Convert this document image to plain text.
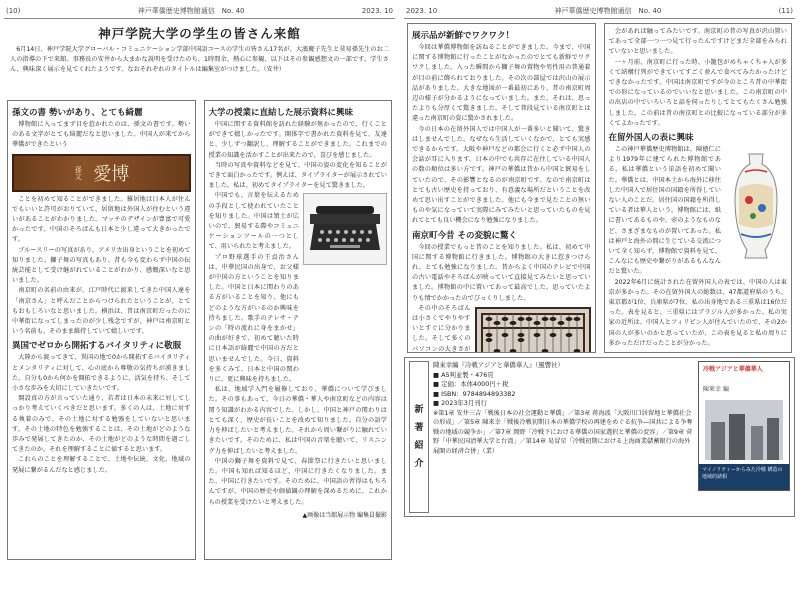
(10)	神戸華僑歴史博物館通信　No. 40	2023. 10
神戸学院大学の学生の皆さん来館

6月14日、神戸学院大学グローバル・コミュニケーション学部中国語コースの学生の皆さん17名が、大濱慶子先生と莫易孫先生のお二人の指導の下で来館。事務長の安井から大まかな説明を受けたのち、1時間余、熱心に参観、以下はその参観感想文の一部です。学生さん、興味深く展示を見てくれたようです。なおそれぞれのタイトルは編集室がつけました。（安井）

孫文の書 勢いがあり、とても綺麗

博物館に入ってまず目を惹かれたのは、孫文の書です。勢いのある文字がとても綺麗だなと思いました。中国人が来てから華僑ができたという

孫文 愛博

ことを初めて知ることができました。雑居地は日本人が住んでもいいと許可がおりていて、居留地は外国人が住むという違いがあることがわかりました。マッチのデザインが豊富で可愛かったです。中国のそろばんも日本と少し違って大きかったです。

ブルースリーの写真があり、アメリカ出身ということを初めて知りました。獅子舞の写真もあり、昔も今も変わらず中国の伝統芸能として受け継がれていることがわかり、感慨深いなと思いました。

南京町の名前の由来が、江戸時代に渡来してきた中国人達を「南京さん」と呼んだことからつけられたということが、とてもおもしろいなと思いました。横浜は、昔は南京町だったのに中華街になってしまったのが少し残念ですが、神戸は南京町という名前も、そのまま維持していて嬉しいです。

異国でゼロから開拓するバイタリティに敬服

大陸から渡ってきて、異国の地で0から開拓するバイタリティとメンタリティに対して、心の底から尊敬の気持ちが湧きました。自分も0から何かを開拓できるように、活気を持ち、そして小さな歩みを大切にしていきたいです。

開設真の方が言っていた通り、若者は日本の未来に対してしっかり考えていくべきだと思います。多くの人は、土地に対する執着のみで、その土地に対する勉強をしていないと思います。その土地の特色を勉強することは、その土地がどのような歩みで発展してきたのか、その土地がどのような時間を過ごしてきたのか、それを理解することに値すると思います。

これらのことを理解することで、土地や伝統、文化、地域の発展に繋がるんだなと感じました。

大学の授業に直結した展示資料に興味

中国に関する資料館を訪れた経験が無かったので、行くことができて嬉しかったです。開体字で書かれた資料を見て、友達と、少しずつ翻訳し、理解することができました。これまでの授業の知識を活かすことが出来たので、喜びを感じました。

当時の写真や資料などを見て、中国の姿の変化を知ることができて面白かったです。例えば、タイプライターが展示されていました。私は、初めてタイプライターを見て驚きました。

中国でも、言葉を伝えるための手段として使われていたことを知りました。中国は領土が広いので、貿易する際やコミュニケーションツールの一つとして、用いられたと考えました。

プロ野球選手の王貞治さんは、中華民国の出身で、お父様が中国の方ということを知りました。中国と日本に関わりのある方がいることを知り、他にもどのような方がいるのか興味を持ちました。歌手のテレサ・テンの「時の流れに身をまかせ」の曲が好きで、初めて聴いた時に日本語が綺麗で中国の方だと思いませんでした。今日、資料を多くみて、日本と中国の関わりに、更に興味を持ちました。

私は、地域学入門を履修しており、華僑について学びました。その事もあって、今日の華僑・華人や南京町などの内容は関う知識がわかる内容でした。しかし、中国と神戸の関わりはとても深く、歴史が長いことを改めて知りました。自分の語学力を伸ばしたいと考えました。それから周い繋がりに触れていきたいです。そのために、私は中国の音楽を聴いて、リスニング力を伸ばしたいと考えました。

中国の獅子舞を資料で見て、春節祭に行きたいと思いました。中国も知れば知るほど、中国に行きたくなりました。また、中国に行きたいです。そのために、中国語の習得はもちろんですが、中国の歴史や価値観の理解を深めるために、これからの授業を受けたいと考えました。

▲画像は当館展示物 編集員撮影
2023. 10	神戸華僑歴史博物館通信　No. 40	(11)
展示品が新鮮でワクワク！

今回は華僑博物館を訪ねることができました。今まで、中国に関する博物館に行ったことがなかったのでとても新鮮でワクワクしました。入った瞬間から獅子舞の置物や男性用の普通着が目の前に飾られておりました。その次の部屋では沢山の展示品がありました。大きな地図が一番最初にあり、昔の南京町周辺の様子が分かるようになっていました。また、それは、思ったよりも分厚くて驚きました。そして普段見ている南京町とは違った南京町の姿に驚かされました。

今の日本の在留外国人では中国人が一番多いと聞いて、驚きはしませんでした。なぜなら生活していくなかで、とても実感できるからです。大阪や神戸などの都会に行くと必ず中国人の会話が耳に入ります。日本の中でも共存に在住している中国人の数の順位は多い方です。神戸の華僑は昔から中国と貿易をしていたので、その影響となるのが南京町です。なので南京町はとても古い歴史を持っており、有意義な場所だということを改めて思い出すことができました。他にも今まで見たことの無いものや気になっていて実際にみてみたいと思っていたものを見れてとても良い機会になり勉強になりました。

南京町今昔 その変貌に驚く

今回の授業でもっと昔のことを知りました。私は、初めて中国に関する博物館に行きました。博物館の大きに惹きつけられ、とても勉強になりました。昔からよく中国のテレビで中国の古い電話やそろばんが映っていて直接見てみたいと思っていました。博物館の中に置いてあって最高でした。思っていたよりも情でかかったのでびっくりしました。

その中のそろばんは小さくてやりやすいとすぐに分かりました。そして多くのパソコンの大きさが

会があれば触ってみたいです。南京町の昔の写真が沢山置いてあって全部一つ一つ見て行ったんですけどまだ全部をみられていないと思いました。

一ヶ月前、南京町に行った時、小籠包がめちゃくちゃ人が多くて結構行列ができていてすごく並んで食べてみたかったけどできなかったです。中国は南京町ですが今のところ昔の中華街での形になっているのでいいなと思いました。この南京町の中の出店の中でいろいろと話を伺ったりしてとてもたくさん勉強しました。この前は昔の南京町との比較になっている部分が多くてよかったです。

在留外国人の表に興味

この神戸華僑歴史博物館は、陳徳仁により1979年に建てられた博物館である。私は華僑という単語を初めて聞いた。華僑とは、中国本土から海外に移住した中国人で居住国の国籍を所得していない人のことだ。居住国の国籍を所得している者は華人という。博物館には、紙に書いてあるものや、壺のようなものなど、さまざまなものが置いてあった。私は神戸と海外の間に生じている交流について全く知らず、博物館で資料を見て、こんなにも歴史や繋がりがあるもんなんだと驚いた。

2022年6月に統計された在留外国人の表では、中国の人は東京が多かった。その在留外国人の総数は、47都道府県のうち、東京都が1位、兵庫県が7位、私の出身地である三重県は16位だった。表を見ると、三重県にはブラジル人が多かった。私の実家の近所は、中国人とフィリピン人が住んでいたので、その2か国の人が多いのかと思っていたが、この表を見ると私の周りに多かっただけだったことが分かった。

新
著
紹
介
陳來幸編『冷戦アジアと華僑華人』（風響社）
■ A5判並製・476頁
■ 定価：本体4000円＋税
■ ISBN：9784894893382
■ 2023年3月刊行
※第1章 安井三吉「戦後日本の社会運動と華僑」／第3章 蒋海波「大阪川口居留地と華僑社会の形成」／第5章 陳来幸「戦後冷戦初期日本の華僑学校の再建をめぐる抗争―国共による争奪戦の地域の競争か」／第7章 岡野「冷戦下における華僑の国家選択と華僑の変容」／第9章 菅野「中華民国清華大学と台湾」／第14章 易冒星「冷戦初期における上海商業儲蓄銀行の海外展開の経済合併」（業）
冷戦アジアと華僑華人
陳來幸 編
マイノリティーからみた冷戦 構造の地域的諸相
